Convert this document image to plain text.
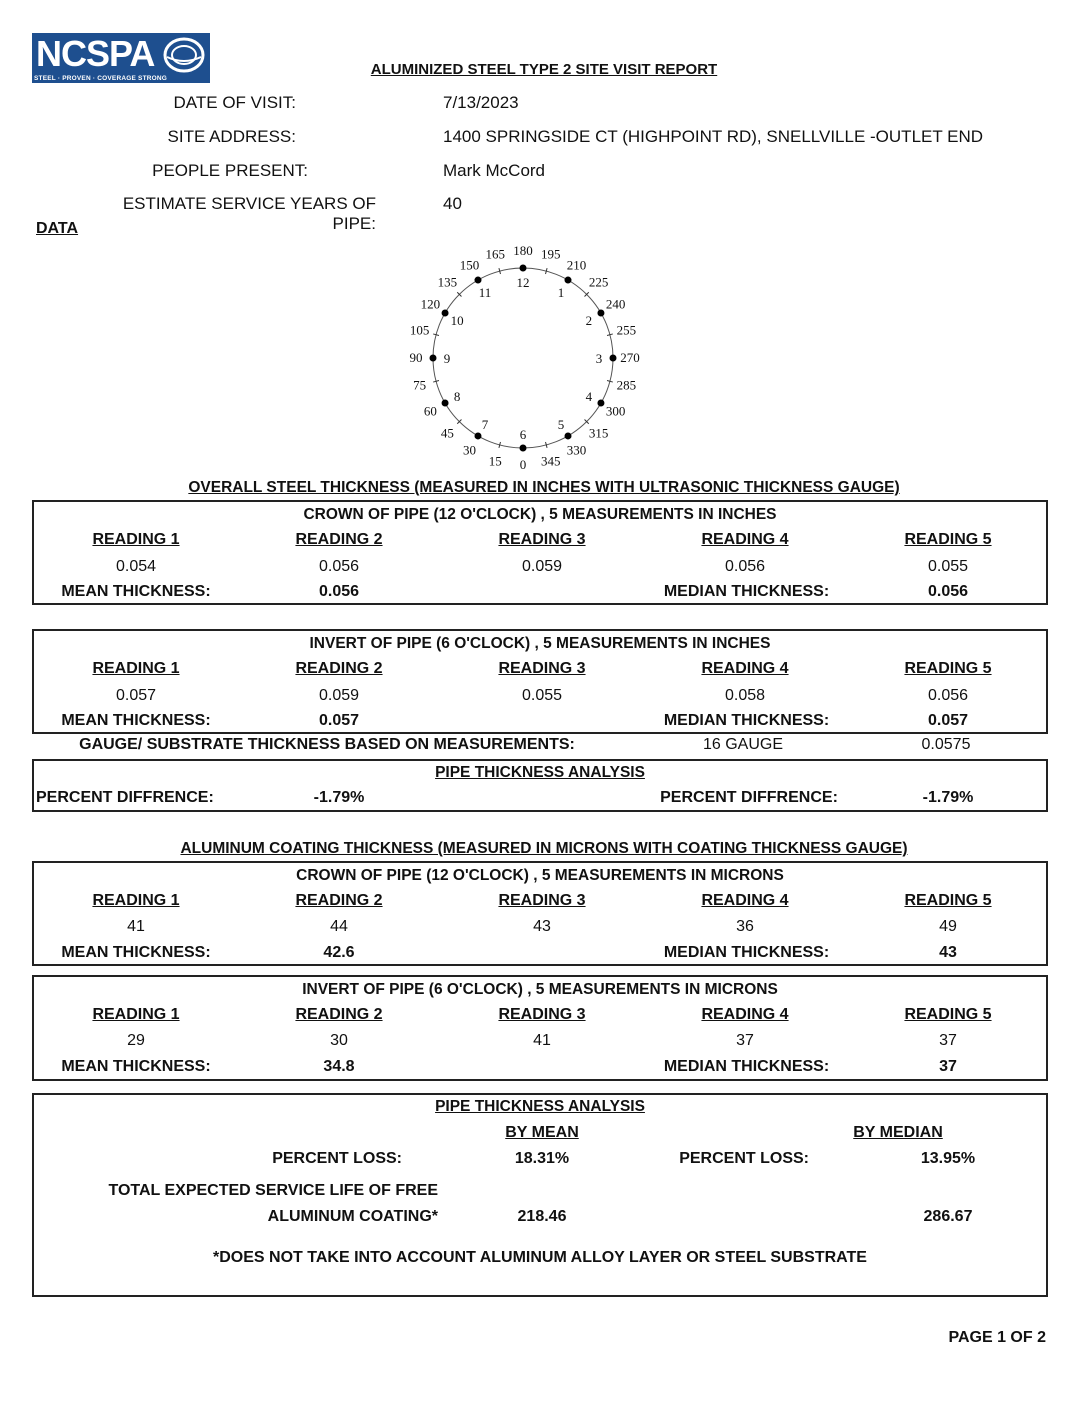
NCSPA
STEEL · PROVEN · COVERAGE STRONG
ALUMINIZED STEEL TYPE 2 SITE VISIT REPORT
DATE OF VISIT:	7/13/2023
SITE ADDRESS:	1400 SPRINGSIDE CT (HIGHPOINT RD), SNELLVILLE -OUTLET END
PEOPLE PRESENT:	Mark McCord
ESTIMATE SERVICE YEARS OF PIPE:
40
DATA
12
1
2
3
4
5
6
7
8
9
10
11
180 195
210
225
240
255
270
285
300
315
330
345
0
15
30
45
60
75
90
105
120
135
150
165
OVERALL STEEL THICKNESS (MEASURED IN INCHES WITH ULTRASONIC THICKNESS GAUGE)
CROWN OF PIPE (12 O'CLOCK) , 5 MEASUREMENTS IN INCHES
READING 1	READING 2	READING 3	READING 4	READING 5
0.054	0.056	0.059	0.056	0.055
MEAN THICKNESS:	0.056	MEDIAN THICKNESS:	0.056
INVERT OF PIPE (6 O'CLOCK) , 5 MEASUREMENTS IN INCHES
READING 1	READING 2	READING 3	READING 4	READING 5
0.057	0.059	0.055	0.058	0.056
MEAN THICKNESS:	0.057	MEDIAN THICKNESS:	0.057
GAUGE/ SUBSTRATE THICKNESS BASED ON MEASUREMENTS:	16 GAUGE	0.0575
PIPE THICKNESS ANALYSIS
PERCENT DIFFRENCE:	-1.79%	PERCENT DIFFRENCE:	-1.79%
ALUMINUM COATING THICKNESS (MEASURED IN MICRONS WITH COATING THICKNESS GAUGE)
CROWN OF PIPE (12 O'CLOCK) , 5 MEASUREMENTS IN MICRONS
READING 1	READING 2	READING 3	READING 4	READING 5
41	44	43	36	49
MEAN THICKNESS:	42.6	MEDIAN THICKNESS:	43
INVERT OF PIPE (6 O'CLOCK) , 5 MEASUREMENTS IN MICRONS
READING 1	READING 2	READING 3	READING 4	READING 5
29	30	41	37	37
MEAN THICKNESS:	34.8	MEDIAN THICKNESS:	37
PIPE THICKNESS ANALYSIS
BY MEAN	BY MEDIAN
PERCENT LOSS:	18.31%	PERCENT LOSS:	13.95%
TOTAL EXPECTED SERVICE LIFE OF FREE
ALUMINUM COATING*	218.46	286.67
*DOES NOT TAKE INTO ACCOUNT ALUMINUM ALLOY LAYER OR STEEL SUBSTRATE
PAGE 1 OF 2
